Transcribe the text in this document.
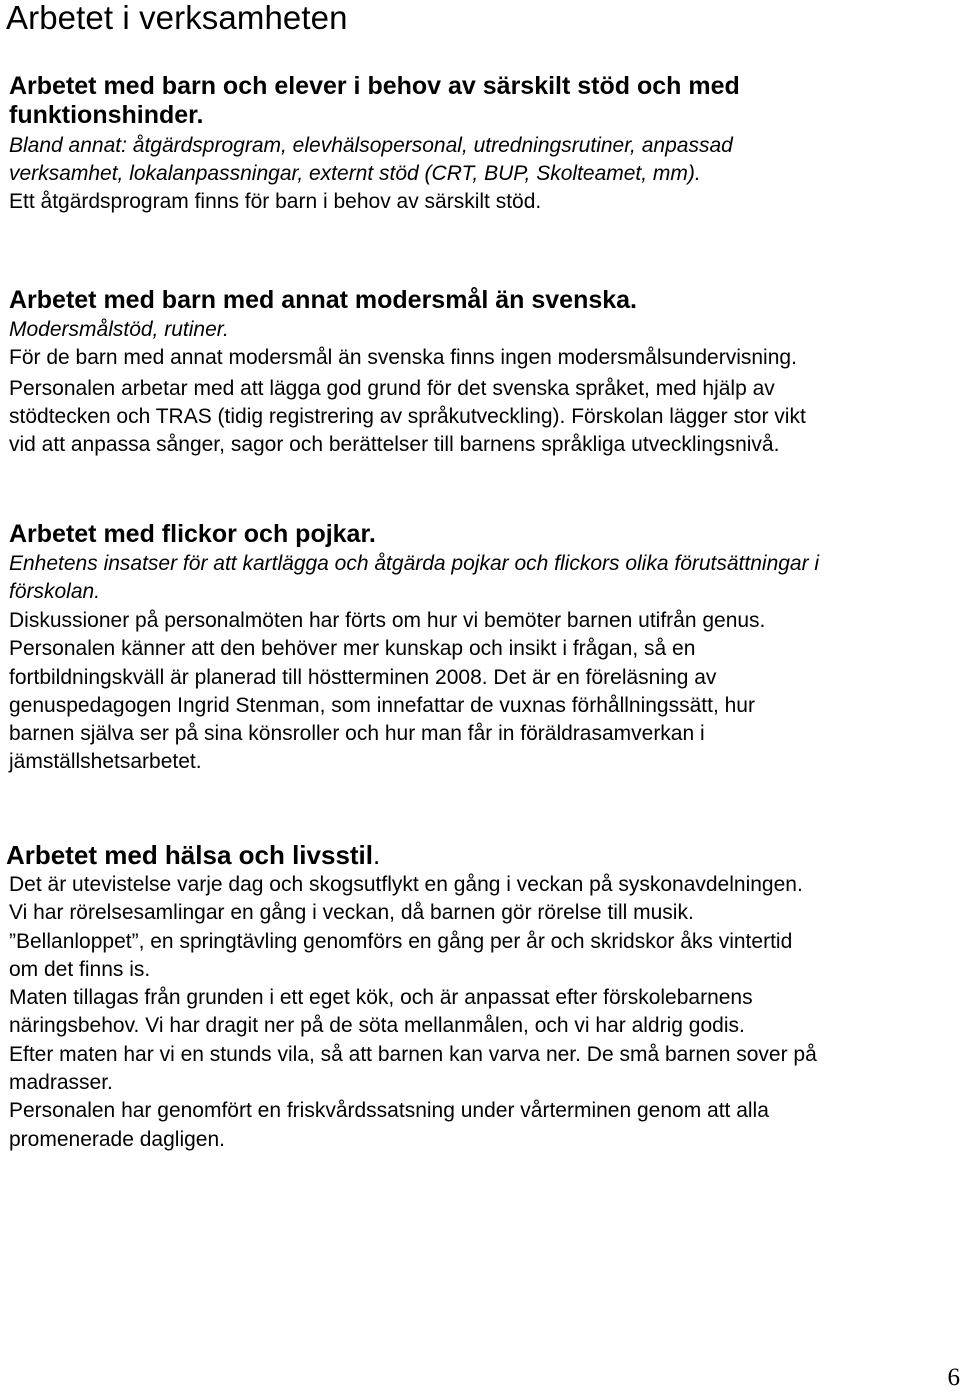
Arbetet i verksamheten

Arbetet med barn och elever i behov av särskilt stöd och med

funktionshinder.

Bland annat: åtgärdsprogram, elevhälsopersonal, utredningsrutiner, anpassad

verksamhet, lokalanpassningar, externt stöd (CRT, BUP, Skolteamet, mm).

Ett åtgärdsprogram finns för barn i behov av särskilt stöd.

Arbetet med barn med annat modersmål än svenska.

Modersmålstöd, rutiner.

För de barn med annat modersmål än svenska finns ingen modersmålsundervisning.

Personalen arbetar med att lägga god grund för det svenska språket, med hjälp av

stödtecken och TRAS (tidig registrering av språkutveckling). Förskolan lägger stor vikt

vid att anpassa sånger, sagor och berättelser till barnens språkliga utvecklingsnivå.

Arbetet med flickor och pojkar.

Enhetens insatser för att kartlägga och åtgärda pojkar och flickors olika förutsättningar i

förskolan.

Diskussioner på personalmöten har förts om hur vi bemöter barnen utifrån genus.

Personalen känner att den behöver mer kunskap och insikt i frågan, så en

fortbildningskväll är planerad till höstterminen 2008. Det är en föreläsning av

genuspedagogen Ingrid Stenman, som innefattar de vuxnas förhållningssätt, hur

barnen själva ser på sina könsroller och hur man får in föräldrasamverkan i

jämställshetsarbetet.

Arbetet med hälsa och livsstil.

Det är utevistelse varje dag och skogsutflykt en gång i veckan på syskonavdelningen.

Vi har rörelsesamlingar en gång i veckan, då barnen gör rörelse till musik.

”Bellanloppet”, en springtävling genomförs en gång per år och skridskor åks vintertid

om det finns is.

Maten tillagas från grunden i ett eget kök, och är anpassat efter förskolebarnens

näringsbehov. Vi har dragit ner på de söta mellanmålen, och vi har aldrig godis.

Efter maten har vi en stunds vila, så att barnen kan varva ner. De små barnen sover på

madrasser.

Personalen har genomfört en friskvårdssatsning under vårterminen genom att alla

promenerade dagligen.

6
